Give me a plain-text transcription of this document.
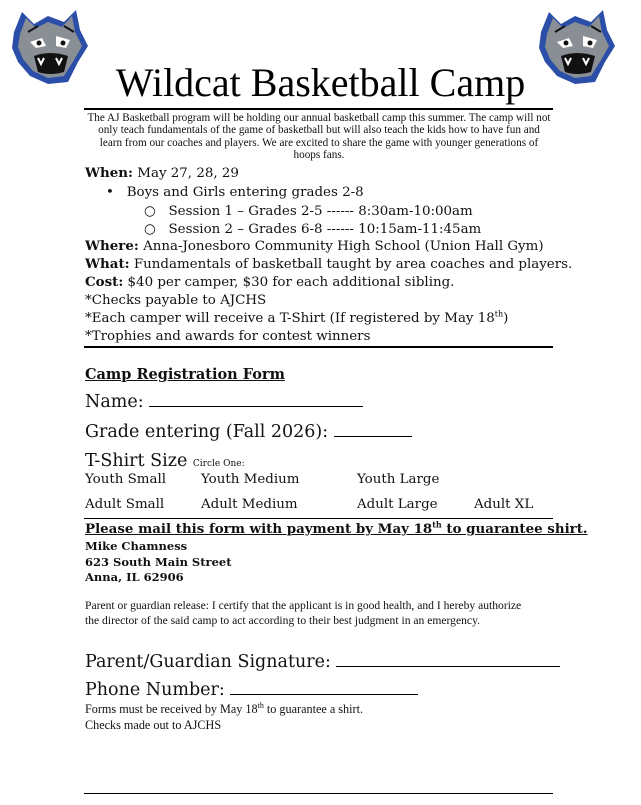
Wildcat Basketball Camp
The AJ Basketball program will be holding our annual basketball camp this summer. The camp will not only teach fundamentals of the game of basketball but will also teach the kids how to have fun and learn from our coaches and players. We are excited to share the game with younger generations of hoops fans.
When: May 27, 28, 29
• Boys and Girls entering grades 2-8
○ Session 1 – Grades 2-5 ------ 8:30am-10:00am
○ Session 2 – Grades 6-8 ------ 10:15am-11:45am
Where: Anna-Jonesboro Community High School (Union Hall Gym)
What: Fundamentals of basketball taught by area coaches and players.
Cost: $40 per camper, $30 for each additional sibling.
*Checks payable to AJCHS
*Each camper will receive a T-Shirt (If registered by May 18th)
*Trophies and awards for contest winners
Camp Registration Form
Name:
Grade entering (Fall 2026):
T-Shirt Size Circle One:
Youth Small	Youth Medium	Youth Large
Adult Small	Adult Medium	Adult Large	Adult XL
Please mail this form with payment by May 18th to guarantee shirt.
Mike Chamness
623 South Main Street
Anna, IL 62906
Parent or guardian release: I certify that the applicant is in good health, and I hereby authorize the director of the said camp to act according to their best judgment in an emergency.
Parent/Guardian Signature:
Phone Number:
Forms must be received by May 18th to guarantee a shirt.
Checks made out to AJCHS
